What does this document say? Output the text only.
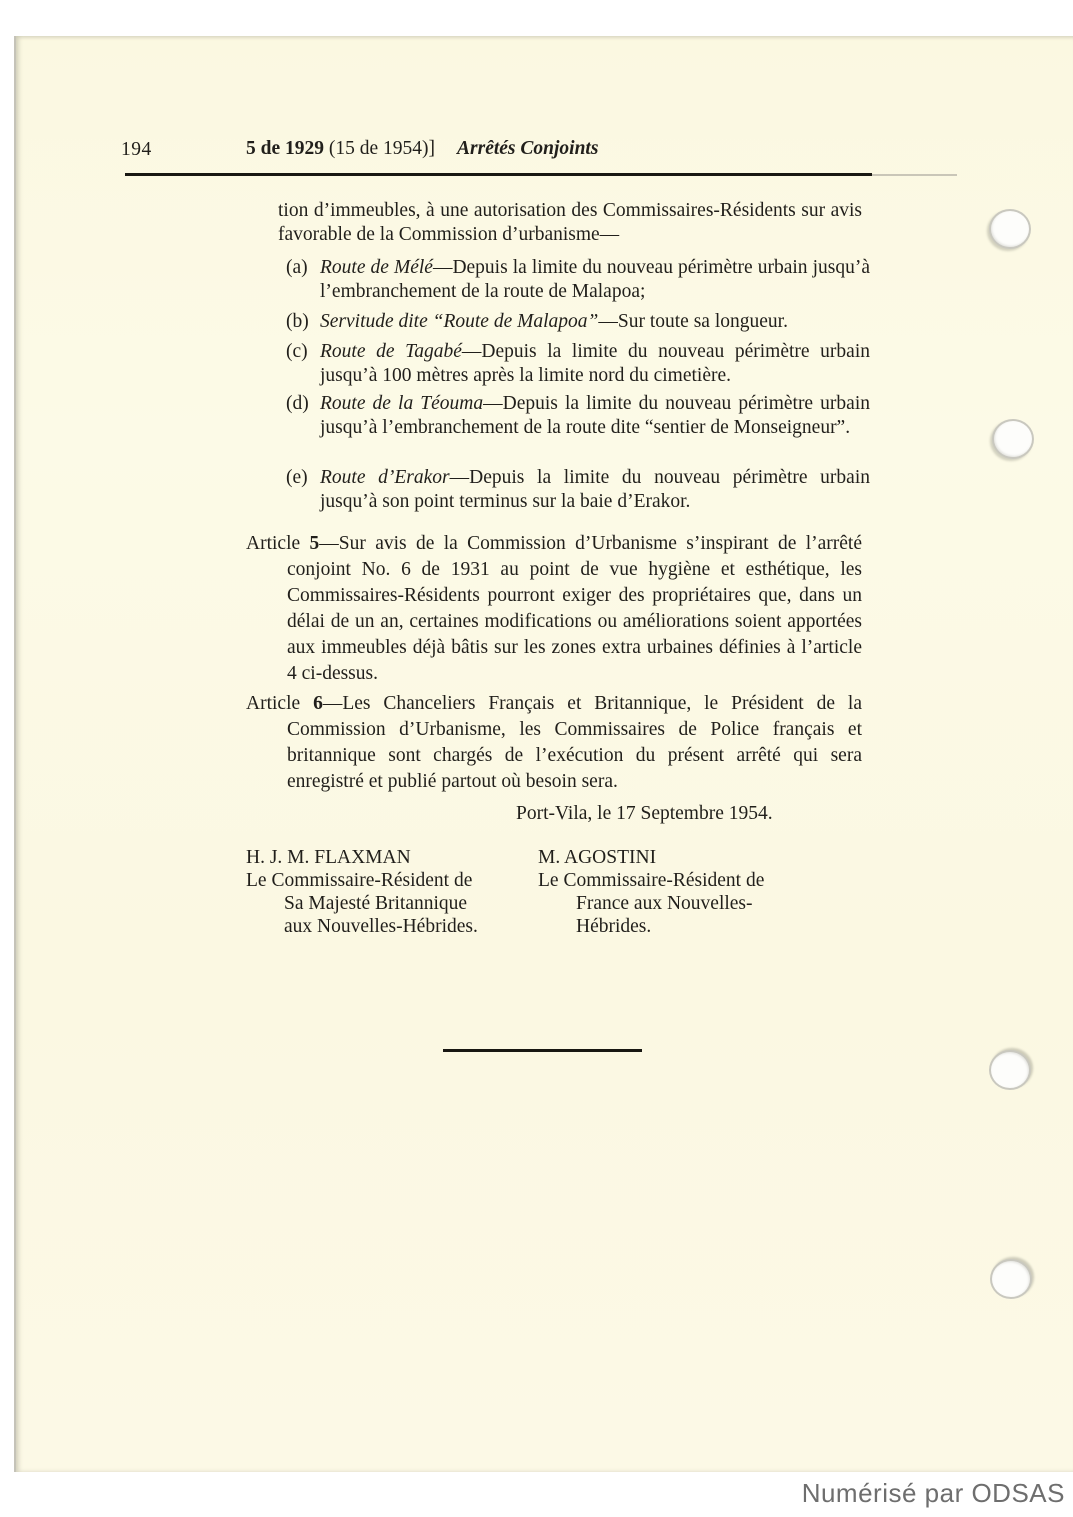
194	5 de 1929 (15 de 1954)] Arrêtés Conjoints
tion d’immeubles, à une autorisation des Commissaires-Résidents sur avis favorable de la Commission d’urbanisme—
(a) Route de Mélé—Depuis la limite du nouveau périmètre urbain jusqu’à l’embranchement de la route de Malapoa;
(b) Servitude dite “Route de Malapoa”—Sur toute sa longueur.
(c) Route de Tagabé—Depuis la limite du nouveau périmètre urbain jusqu’à 100 mètres après la limite nord du cimetière.
(d) Route de la Téouma—Depuis la limite du nouveau périmètre urbain jusqu’à l’embranchement de la route dite “sentier de Monseigneur”.
(e) Route d’Erakor—Depuis la limite du nouveau périmètre urbain jusqu’à son point terminus sur la baie d’Erakor.
Article 5—Sur avis de la Commission d’Urbanisme s’inspirant de l’arrêté conjoint No. 6 de 1931 au point de vue hygiène et esthétique, les Commissaires-Résidents pourront exiger des propriétaires que, dans un délai de un an, certaines modifications ou améliorations soient apportées aux immeubles déjà bâtis sur les zones extra urbaines définies à l’article 4 ci-dessus.
Article 6—Les Chanceliers Français et Britannique, le Président de la Commission d’Urbanisme, les Commissaires de Police français et britannique sont chargés de l’exécution du présent arrêté qui sera enregistré et publié partout où besoin sera.
Port-Vila, le 17 Septembre 1954.
H. J. M. FLAXMAN
Le Commissaire-Résident de
Sa Majesté Britannique
aux Nouvelles-Hébrides.
M. AGOSTINI
Le Commissaire-Résident de
France aux Nouvelles-
Hébrides.
Numérisé par ODSAS
